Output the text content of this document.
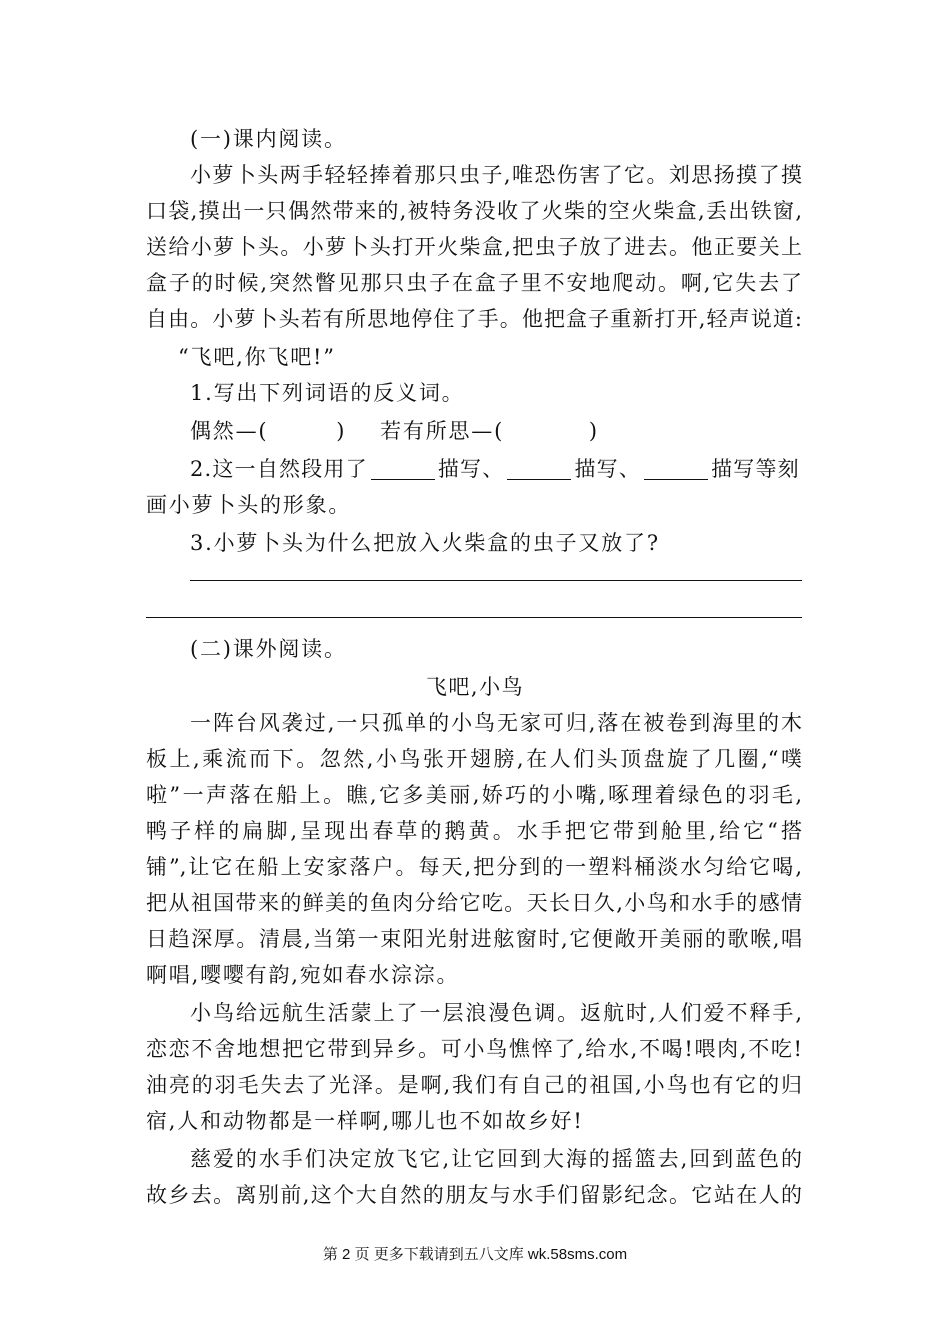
(一)课内阅读。
小萝卜头两手轻轻捧着那只虫子,唯恐伤害了它。刘思扬摸了摸
口袋,摸出一只偶然带来的,被特务没收了火柴的空火柴盒,丢出铁窗,
送给小萝卜头。小萝卜头打开火柴盒,把虫子放了进去。他正要关上
盒子的时候,突然瞥见那只虫子在盒子里不安地爬动。啊,它失去了
自由。小萝卜头若有所思地停住了手。他把盒子重新打开,轻声说道:
“飞吧,你飞吧!”
1.写出下列词语的反义词。
偶然—(        )    若有所思—(          )
2.这一自然段用了	描写、	描写、	描写等刻
画小萝卜头的形象。
3.小萝卜头为什么把放入火柴盒的虫子又放了?
(二)课外阅读。
飞吧,小鸟
一阵台风袭过,一只孤单的小鸟无家可归,落在被卷到海里的木
板上,乘流而下。忽然,小鸟张开翅膀,在人们头顶盘旋了几圈,“噗
啦”一声落在船上。瞧,它多美丽,娇巧的小嘴,啄理着绿色的羽毛,
鸭子样的扁脚,呈现出春草的鹅黄。水手把它带到舱里,给它“搭
铺”,让它在船上安家落户。每天,把分到的一塑料桶淡水匀给它喝,
把从祖国带来的鲜美的鱼肉分给它吃。天长日久,小鸟和水手的感情
日趋深厚。清晨,当第一束阳光射进舷窗时,它便敞开美丽的歌喉,唱
啊唱,嘤嘤有韵,宛如春水淙淙。
小鸟给远航生活蒙上了一层浪漫色调。返航时,人们爱不释手,
恋恋不舍地想把它带到异乡。可小鸟憔悴了,给水,不喝!喂肉,不吃!
油亮的羽毛失去了光泽。是啊,我们有自己的祖国,小鸟也有它的归
宿,人和动物都是一样啊,哪儿也不如故乡好!
慈爱的水手们决定放飞它,让它回到大海的摇篮去,回到蓝色的
故乡去。离别前,这个大自然的朋友与水手们留影纪念。它站在人的
第 2 页 更多下载请到五八文库 wk.58sms.com
